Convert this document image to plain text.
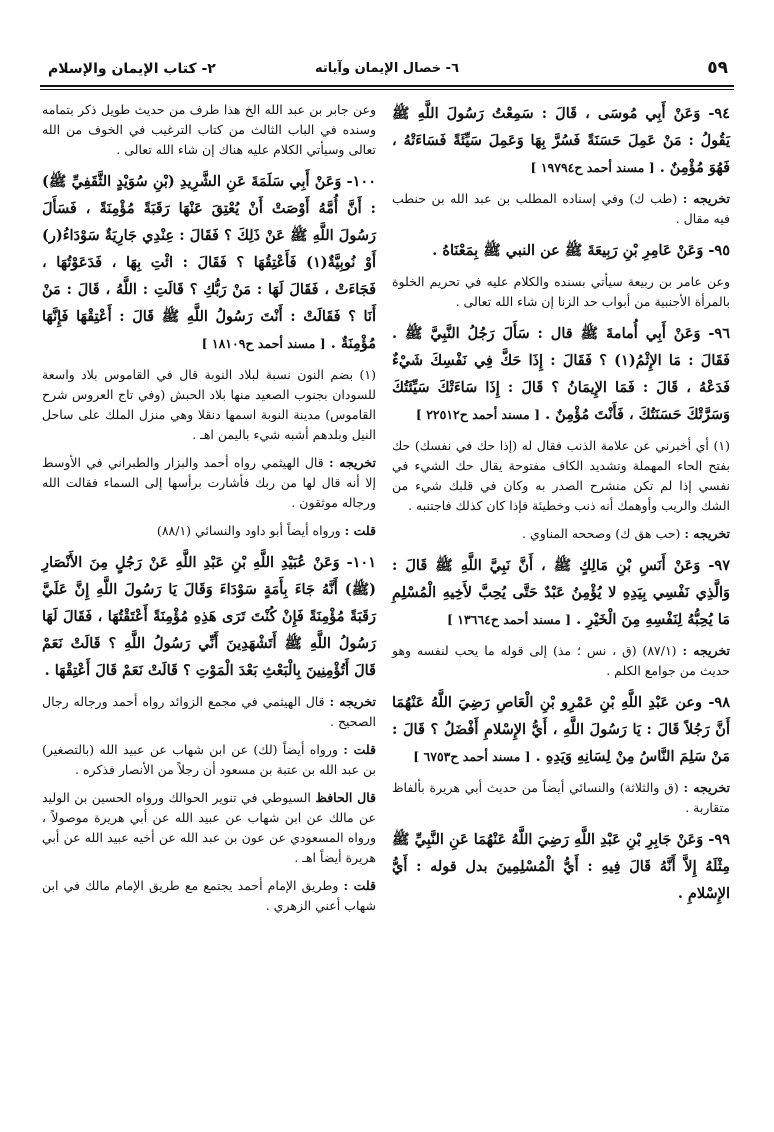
٥٩
٦- خصال الإيمان وآياته
٢- كتاب الإيمان والإسلام
٩٤- وَعَنْ أَبِي مُوسَى ، قَالَ : سَمِعْتُ رَسُولَ اللَّهِ ﷺ يَقُولُ : مَنْ عَمِلَ حَسَنَةً فَسُرَّ بِهَا وَعَمِلَ سَيِّئَةً فَسَاءَتْهُ ، فَهُوَ مُؤْمِنٌ . [ مسند أحمد ح١٩٧٩٤ ]
تخريجه : (طب ك) وفي إسناده المطلب بن عبد الله بن حنطب فيه مقال .
٩٥- وَعَنْ عَامِرِ بْنِ رَبِيعَةَ ﷺ عن النبي ﷺ بِمَعْنَاهُ .
وعن عامر بن ربيعة سيأتي بسنده والكلام عليه في تحريم الخلوة بالمرأة الأجنبية من أبواب حد الزنا إن شاء الله تعالى .
٩٦- وَعَنْ أَبِي أُمامةَ ﷺ قال : سَأَلَ رَجُلُ النَّبِيَّ ﷺ . فَقَالَ : مَا الإِثْمُ(١) ؟ فَقَالَ : إِذَا حَكَّ فِي نَفْسِكَ شَيْءٌ فَدَعْهُ ، قَالَ : فَمَا الإِيمَانُ ؟ قَالَ : إِذَا سَاءَتْكَ سَيِّئَتُكَ وَسَرَّتْكَ حَسَنَتُكَ ، فَأَنْتَ مُؤْمِنٌ . [ مسند أحمد ح٢٢٥١٢ ]
(١) أي أخبرني عن علامة الذنب فقال له (إذا حك في نفسك) حك بفتح الحاء المهملة وتشديد الكاف مفتوحة يقال حك الشيء في نفسي إذا لم تكن منشرح الصدر به وكان في قلبك شيء من الشك والريب وأوهمك أنه ذنب وخطيئة فإذا كان كذلك فاجتنبه .
تخريجه : (حب هق ك) وصححه المناوي .
٩٧- وَعَنْ أَنَسِ بْنِ مَالِكٍ ﷺ ، أَنَّ نَبِيَّ اللَّهِ ﷺ قَالَ : وَالَّذِي نَفْسِي بِيَدِهِ لا يُؤْمِنُ عَبْدٌ حَتَّى يُحِبَّ لأَخِيهِ الْمُسْلِمِ مَا يُحِبُّهُ لِنَفْسِهِ مِنَ الْخَيْرِ . [ مسند أحمد ح١٣٦٦٤ ]
تخريجه : (٨٧/١) (ق ، نس ؛ مذ) إلى قوله ما يحب لنفسه وهو حديث من جوامع الكلم .
٩٨- وعن عَبْدِ اللَّهِ بْنِ عَمْرِو بْنِ الْعَاصِ رَضِيَ اللَّهُ عَنْهُمَا أَنَّ رَجُلاً قَالَ : يَا رَسُولَ اللَّهِ ، أَيُّ الإِسْلامِ أَفْضَلُ ؟ قَالَ : مَنْ سَلِمَ النَّاسُ مِنْ لِسَانِهِ وَيَدِهِ . [ مسند أحمد ح٦٧٥٣ ]
تخريجه : (ق والثلاثة) والنسائي أيضاً من حديث أبي هريرة بألفاظ متقاربة .
٩٩- وَعَنْ جَابِرِ بْنِ عَبْدِ اللَّهِ رَضِيَ اللَّهُ عَنْهُمَا عَنِ النَّبِيِّ ﷺ مِثْلَهُ إِلاَّ أَنَّهُ قَالَ فِيهِ : أَيُّ الْمُسْلِمِينَ بدل قوله : أَيُّ الإِسْلامِ .
وعن جابر بن عبد الله الخ هذا طرف من حديث طويل ذكر بتمامه وسنده في الباب الثالث من كتاب الترغيب في الخوف من الله تعالى وسيأتي الكلام عليه هناك إن شاء الله تعالى .
١٠٠- وَعَنْ أَبِي سَلَمَةَ عَنِ الشَّرِيدِ (بْنِ سُوَيْدٍ الثَّقَفِيِّ ﷺ) : أَنَّ أُمَّهُ أَوْصَتْ أَنْ يُعْتِقَ عَنْهَا رَقَبَةً مُؤْمِنَةً ، فَسَأَلَ رَسُولَ اللَّهِ ﷺ عَنْ ذَلِكَ ؟ فَقَالَ : عِنْدِي جَارِيَةٌ سَوْدَاءُ(ر) أَوْ نُوبِيَّةٌ(١) فَأَعْتِقُهَا ؟ فَقَالَ : ائْتِ بِهَا ، فَدَعَوْتُهَا ، فَجَاءَتْ ، فَقَالَ لَهَا : مَنْ رَبُّكِ ؟ قَالَتِ : اللَّهُ ، قَالَ : مَنْ أَنَا ؟ فَقَالَتْ : أَنْتَ رَسُولُ اللَّهِ ﷺ قَالَ : أَعْتِقْهَا فَإِنَّهَا مُؤْمِنَةٌ . [ مسند أحمد ح١٨١٠٩ ]
(١) بضم النون نسبة لبلاد النوبة قال في القاموس بلاد واسعة للسودان بجنوب الصعيد منها بلاد الحبش (وفي تاج العروس شرح القاموس) مدينة النوبة اسمها دنقلا وهي منزل الملك على ساحل النيل وبلدهم أشبه شيء باليمن اهـ .
تخريجه : قال الهيثمي رواه أحمد والبزار والطبراني في الأوسط إلا أنه قال لها من ربك فأشارت برأسها إلى السماء فقالت الله ورجاله موثقون .
قلت : ورواه أيضاً أبو داود والنسائي (٨٨/١)
١٠١- وَعَنْ عُبَيْدِ اللَّهِ بْنِ عَبْدِ اللَّهِ عَنْ رَجُلٍ مِنَ الأَنْصَارِ (ﷺ) أَنَّهُ جَاءَ بِأَمَةٍ سَوْدَاءَ وَقَالَ يَا رَسُولَ اللَّهِ إِنَّ عَلَيَّ رَقَبَةً مُؤْمِنَةً فَإِنْ كُنْتَ تَرَى هَذِهِ مُؤْمِنَةً أَعْتَقْتُهَا ، فَقَالَ لَهَا رَسُولُ اللَّهِ ﷺ أَتَشْهَدِينَ أَنِّي رَسُولُ اللَّهِ ؟ قَالَتْ نَعَمْ قَالَ أَتُؤْمِنِينَ بِالْبَعْثِ بَعْدَ الْمَوْتِ ؟ قَالَتْ نَعَمْ قَالَ أَعْتِقْهَا .
تخريجه : قال الهيثمي في مجمع الزوائد رواه أحمد ورجاله رجال الصحيح .
قلت : ورواه أيضاً (لك) عن ابن شهاب عن عبيد الله (بالتصغير) بن عبد الله بن عتبة بن مسعود أن رجلاً من الأنصار فذكره .
قال الحافظ السيوطي في تنوير الحوالك ورواه الحسين بن الوليد عن مالك عن ابن شهاب عن عبيد الله عن أبي هريرة موصولاً ، ورواه المسعودي عن عون بن عبد الله عن أخيه عبيد الله عن أبي هريرة أيضاً اهـ .
قلت : وطريق الإمام أحمد يجتمع مع طريق الإمام مالك في ابن شهاب أعني الزهري .
